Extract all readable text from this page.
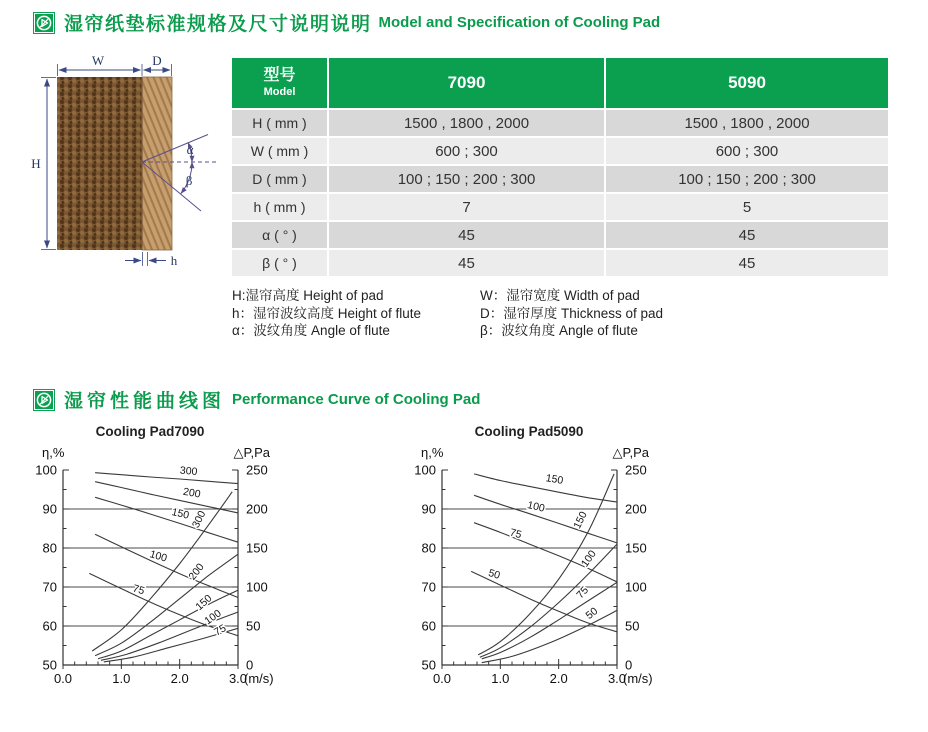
湿帘纸垫标准规格及尺寸说明说明 Model and Specification of Cooling Pad
W	D
H
h
α
β
型号
Model	7090	5090
H ( mm )	1500 , 1800 , 2000	1500 , 1800 , 2000
W ( mm )	600 ; 300	600 ; 300
D ( mm )	100 ; 150 ; 200 ; 300	100 ; 150 ; 200 ; 300
h ( mm )	7	5
α ( ° )	45	45
β ( ° )	45	45
H:湿帘高度 Height of pad
h：湿帘波纹高度 Height of flute
α：波纹角度 Angle of flute
W：湿帘宽度 Width of pad
D：湿帘厚度 Thickness of pad
β：波纹角度 Angle of flute
湿帘性能曲线图 Performance Curve of Cooling Pad
Cooling Pad7090
η,%	△P,Pa
(m/s)
50
60
70
80
90
100
0
50
100
150
200
250
0.0	1.0	2.0	3.0
300
200
150
100
75
300
200
150
100
75
Cooling Pad5090
η,%	△P,Pa
(m/s)
50
60
70
80
90
100
0
50
100
150
200
250
0.0	1.0	2.0	3.0
150
100
75
50
150
100
75
50
